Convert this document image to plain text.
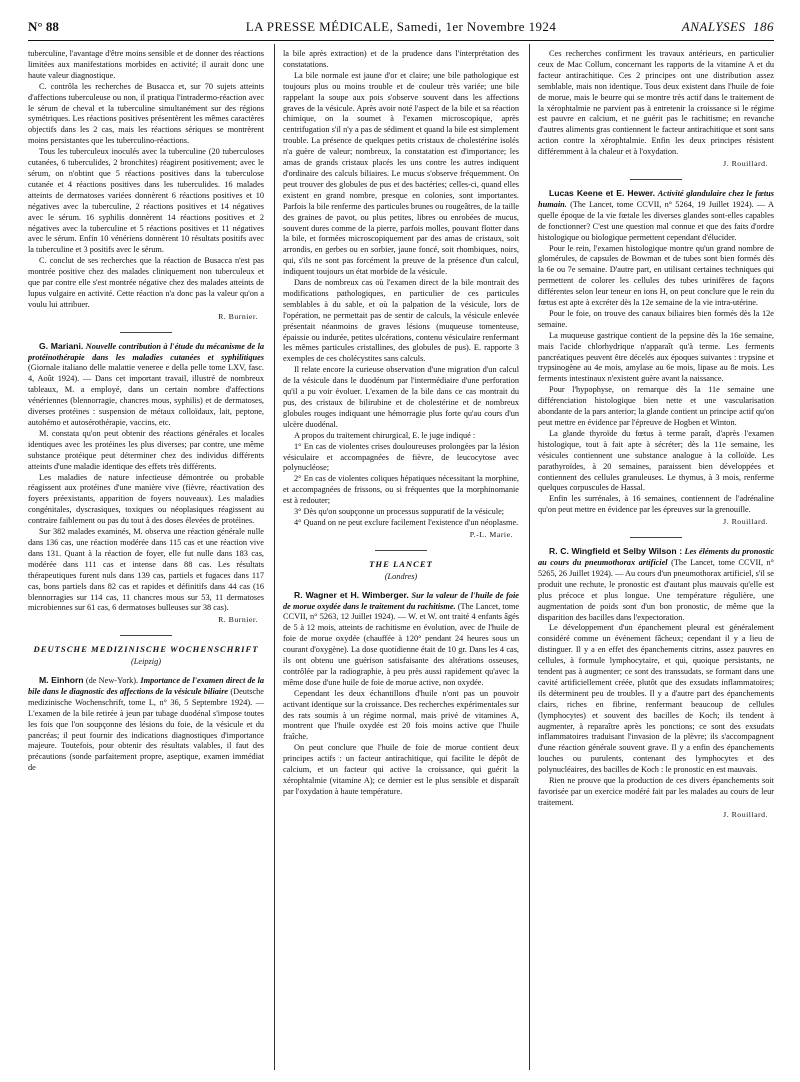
LA PRESSE MÉDICALE, Samedi, 1er Novembre 1924
N° 88	ANALYSES 186

tuberculine, l'avantage d'être moins sensible et de donner des réactions limitées aux manifestations morbides en activité; il aurait donc une haute valeur diagnostique.

C. contrôla les recherches de Busacca et, sur 70 sujets atteints d'affections tuberculeuse ou non, il pratiqua l'intradermo-réaction avec le sérum de cheval et la tuberculine simultanément sur des régions symétriques. Les réactions positives présentèrent les mêmes caractères objectifs dans les 2 cas, mais les réactions sériques se montrèrent moins persistantes que les tuberculino-réactions.

Tous les tuberculeux inoculés avec la tuberculine (20 tuberculoses cutanées, 6 tuberculides, 2 bronchites) réagirent positivement; avec le sérum, on n'obtint que 5 réactions positives dans la tuberculose cutanée et 4 réactions positives dans les tuberculides. 16 malades atteints de dermatoses variées donnèrent 6 réactions positives et 10 négatives avec la tuberculine, 2 réactions positives et 14 négatives avec le sérum. 16 syphilis donnèrent 14 réactions positives et 2 négatives avec la tuberculine et 5 réactions positives et 11 négatives avec le sérum. Enfin 10 vénériens donnèrent 10 résultats positifs avec la tuberculine et 3 positifs avec le sérum.

C. conclut de ses recherches que la réaction de Busacca n'est pas montrée positive chez des malades cliniquement non tuberculeux et que par contre elle s'est montrée négative chez des malades atteints de lupus vulgaire en activité. Cette réaction n'a donc pas la valeur qu'on a voulu lui attribuer.

R. Burnier.

G. Mariani. Nouvelle contribution à l'étude du mécanisme de la protéinothérapie dans les maladies cutanées et syphilitiques (Giornale italiano delle malattie veneree e della pelle tome LXV, fasc. 4, Août 1924). — Dans cet important travail, illustré de nombreux tableaux, M. a employé, dans un certain nombre d'affections vénériennes (blennorragie, chancres mous, syphilis) et de dermatoses, diverses protéines : suspension de métaux colloïdaux, lait, peptone, autohémo et autosérothérapie, vaccins, etc.

M. constata qu'on peut obtenir des réactions générales et locales identiques avec les protéines les plus diverses; par contre, une même substance protéique peut déterminer chez des individus différents atteints d'une maladie identique des effets très différents.

Les maladies de nature infectieuse démontrée ou probable réagissent aux protéines d'une manière vive (fièvre, réactivation des foyers préexistants, apparition de foyers nouveaux). Les maladies congénitales, dyscrasiques, toxiques ou néoplasiques réagissent au contraire faiblement ou pas du tout à des doses élevées de protéines.

Sur 382 malades examinés, M. observa une réaction générale nulle dans 136 cas, une réaction modérée dans 115 cas et une réaction vive dans 131. Quant à la réaction de foyer, elle fut nulle dans 183 cas, modérée dans 111 cas et intense dans 88 cas. Les résultats thérapeutiques furent nuls dans 139 cas, partiels et fugaces dans 117 cas, bons partiels dans 82 cas et rapides et définitifs dans 44 cas (16 blennorragies sur 114 cas, 11 chancres mous sur 53, 11 dermatoses microbiennes sur 61 cas, 6 dermatoses bulleuses sur 38 cas).

R. Burnier.
DEUTSCHE MEDIZINISCHE WOCHENSCHRIFT
(Leipzig)

M. Einhorn (de New-York). Importance de l'examen direct de la bile dans le diagnostic des affections de la vésicule biliaire (Deutsche medizinische Wochenschrift, tome L, n° 36, 5 Septembre 1924). — L'examen de la bile retirée à jeun par tubage duodénal s'impose toutes les fois que l'on soupçonne des lésions du foie, de la vésicule et du pancréas; il peut fournir des indications diagnostiques d'importance majeure. Toutefois, pour obtenir des résultats valables, il faut des précautions (sonde parfaitement propre, aseptique, examen immédiat de

la bile après extraction) et de la prudence dans l'interprétation des constatations.

La bile normale est jaune d'or et claire; une bile pathologique est toujours plus ou moins trouble et de couleur très variée; une bile rappelant la soupe aux pois s'observe souvent dans les affections graves de la vésicule. Après avoir noté l'aspect de la bile et sa réaction chimique, on la soumet à l'examen microscopique, après centrifugation s'il n'y a pas de sédiment et quand la bile est simplement trouble. La présence de quelques petits cristaux de cholestérine isolés n'a guère de valeur; nombreux, la constatation est d'importance; les amas de grands cristaux placés les uns contre les autres indiquent d'ordinaire des calculs biliaires. Le mucus s'observe fréquemment. On peut trouver des globules de pus et des bactéries; celles-ci, quand elles existent en grand nombre, presque en colonies, sont importantes. Parfois la bile renferme des particules brunes ou rougeâtres, de la taille des graines de pavot, ou plus petites, libres ou enrobées de mucus, souvent dures comme de la pierre, parfois molles, pouvant flotter dans la bile, et formées microscopiquement par des amas de cristaux, soit arrondis, en gerbes ou en sorbier, jaune foncé, soit rhombiques, noirs, qui, s'ils ne sont pas forcément la preuve de la présence d'un calcul, indiquent toujours un état morbide de la vésicule.

Dans de nombreux cas où l'examen direct de la bile montrait des modifications pathologiques, en particulier de ces particules semblables à du sable, et où la palpation de la vésicule, lors de l'opération, ne permettait pas de sentir de calculs, la vésicule enlevée présentait néanmoins de graves lésions (muqueuse tomenteuse, épaissie ou indurée, petites ulcérations, contenu vésiculaire renfermant les mêmes particules cristallines, des globules de pus). E. rapporte 3 exemples de ces cholécystites sans calculs.

Il relate encore la curieuse observation d'une migration d'un calcul de la vésicule dans le duodénum par l'intermédiaire d'une perforation qu'il a pu voir évoluer. L'examen de la bile dans ce cas montrait du pus, des cristaux de bilirubine et de cholestérine et de nombreux globules rouges indiquant une hémorragie plus forte qu'au cours d'un ulcère duodénal.

A propos du traitement chirurgical, E. le juge indiqué :

1° En cas de violentes crises douloureuses prolongées par la lésion vésiculaire et accompagnées de fièvre, de leucocytose avec polynucléose;

2° En cas de violentes coliques hépatiques nécessitant la morphine, et accompagnées de frissons, ou si fréquentes que la morphinomanie est à redouter;

3° Dès qu'on soupçonne un processus suppuratif de la vésicule;

4° Quand on ne peut exclure facilement l'existence d'un néoplasme.

P.-L. Marie.
THE LANCET
(Londres)

R. Wagner et H. Wimberger. Sur la valeur de l'huile de foie de morue oxydée dans le traitement du rachitisme. (The Lancet, tome CCVII, n° 5263, 12 Juillet 1924). — W. et W. ont traité 4 enfants âgés de 5 à 12 mois, atteints de rachitisme en évolution, avec de l'huile de foie de morue oxydée (chauffée à 120° pendant 24 heures sous un courant d'oxygène). La dose quotidienne était de 10 gr. Dans les 4 cas, ils ont obtenu une guérison satisfaisante des altérations osseuses, contrôlée par la radiographie, à peu près aussi rapidement qu'avec la même dose d'une huile de foie de morue active, non oxydée.

Cependant les deux échantillons d'huile n'ont pas un pouvoir activant identique sur la croissance. Des recherches expérimentales sur des rats soumis à un régime normal, mais privé de vitamines A, montrent que l'huile oxydée est 20 fois moins active que l'huile fraîche.

On peut conclure que l'huile de foie de morue contient deux principes actifs : un facteur antirachitique, qui facilite le dépôt de calcium, et un facteur qui active la croissance, qui guérit la xérophtalmie (vitamine A); ce dernier est le plus sensible et disparaît par l'oxydation à haute température.

Ces recherches confirment les travaux antérieurs, en particulier ceux de Mac Collum, concernant les rapports de la vitamine A et du facteur antirachitique. Ces 2 principes ont une distribution assez semblable, mais non identique. Tous deux existent dans l'huile de foie de morue, mais le beurre qui se montre très actif dans le traitement de la xérophtalmie ne parvient pas à entretenir la croissance si le régime est pauvre en calcium, et ne guérit pas le rachitisme; en revanche d'autres aliments gras contiennent le facteur antirachitique et sont sans action contre la xérophtalmie. Enfin les deux principes résistent différemment à la chaleur et à l'oxydation.

J. Rouillard.

Lucas Keene et E. Hewer. Activité glandulaire chez le fœtus humain. (The Lancet, tome CCVII, n° 5264, 19 Juillet 1924). — A quelle époque de la vie fœtale les diverses glandes sont-elles capables de fonctionner? C'est une question mal connue et que des faits d'ordre histologique ou biologique permettent cependant d'élucider.

Pour le rein, l'examen histologique montre qu'un grand nombre de glomérules, de capsules de Bowman et de tubes sont bien formés dès la 6e ou 7e semaine. D'autre part, en utilisant certaines techniques qui permettent de colorer les cellules des tubes urinifères de façons différentes selon leur teneur en ions H, on peut conclure que le rein du fœtus est apte à excréter dès la 12e semaine de la vie intra-utérine.

Pour le foie, on trouve des canaux biliaires bien formés dès la 12e semaine.

La muqueuse gastrique contient de la pepsine dès la 16e semaine, mais l'acide chlorhydrique n'apparaît qu'à terme. Les ferments pancréatiques peuvent être décelés aux époques suivantes : trypsine et trypsinogène au 4e mois, amylase au 6e mois, lipase au 8e mois. Les ferments intestinaux n'existent guère avant la naissance.

Pour l'hypophyse, on remarque dès la 11e semaine une différenciation histologique bien nette et une vascularisation abondante de la pars anterior; la glande contient un principe actif qu'on peut mettre en évidence par l'épreuve de Hogben et Winton.

La glande thyroïde du fœtus à terme paraît, d'après l'examen histologique, tout à fait apte à sécréter; dès la 11e semaine, les vésicules contiennent une substance analogue à la colloïde. Les parathyroïdes, à 20 semaines, paraissent bien développées et contiennent des cellules granuleuses. Le thymus, à 3 mois, renferme quelques corpuscules de Hassal.

Enfin les surrénales, à 16 semaines, contiennent de l'adrénaline qu'on peut mettre en évidence par les épreuves sur la grenouille.

J. Rouillard.

R. C. Wingfield et Selby Wilson : Les éléments du pronostic au cours du pneumothorax artificiel (The Lancet, tome CCVII, n° 5265, 26 Juillet 1924). — Au cours d'un pneumothorax artificiel, s'il se produit une rechute, le pronostic est d'autant plus mauvais qu'elle est plus précoce et plus longue. Une température régulière, une augmentation de poids sont d'un bon pronostic, de même que la disparition des bacilles dans l'expectoration.

Le développement d'un épanchement pleural est généralement considéré comme un événement fâcheux; cependant il y a lieu de distinguer. Il y a en effet des épanchements citrins, assez pauvres en cellules, à formule lymphocytaire, et qui, quoique persistants, ne tendent pas à augmenter; ce sont des transsudats, se formant dans une cavité artificiellement créée, plutôt que des exsudats inflammatoires; ils déterminent peu de troubles. Il y a d'autre part des épanchements clairs, riches en fibrine, renfermant beaucoup de cellules (lymphocytes) et souvent des bacilles de Koch; ils tendent à augmenter, à reparaître après les ponctions; ce sont des exsudats inflammatoires traduisant l'invasion de la plèvre; ils s'accompagnent d'une réaction générale souvent grave. Il y a enfin des épanchements louches ou purulents, contenant des lymphocytes et des polynucléaires, des bacilles de Koch : le pronostic en est mauvais.

Rien ne prouve que la production de ces divers épanchements soit favorisée par un exercice modéré fait par les malades au cours de leur traitement.

J. Rouillard.
